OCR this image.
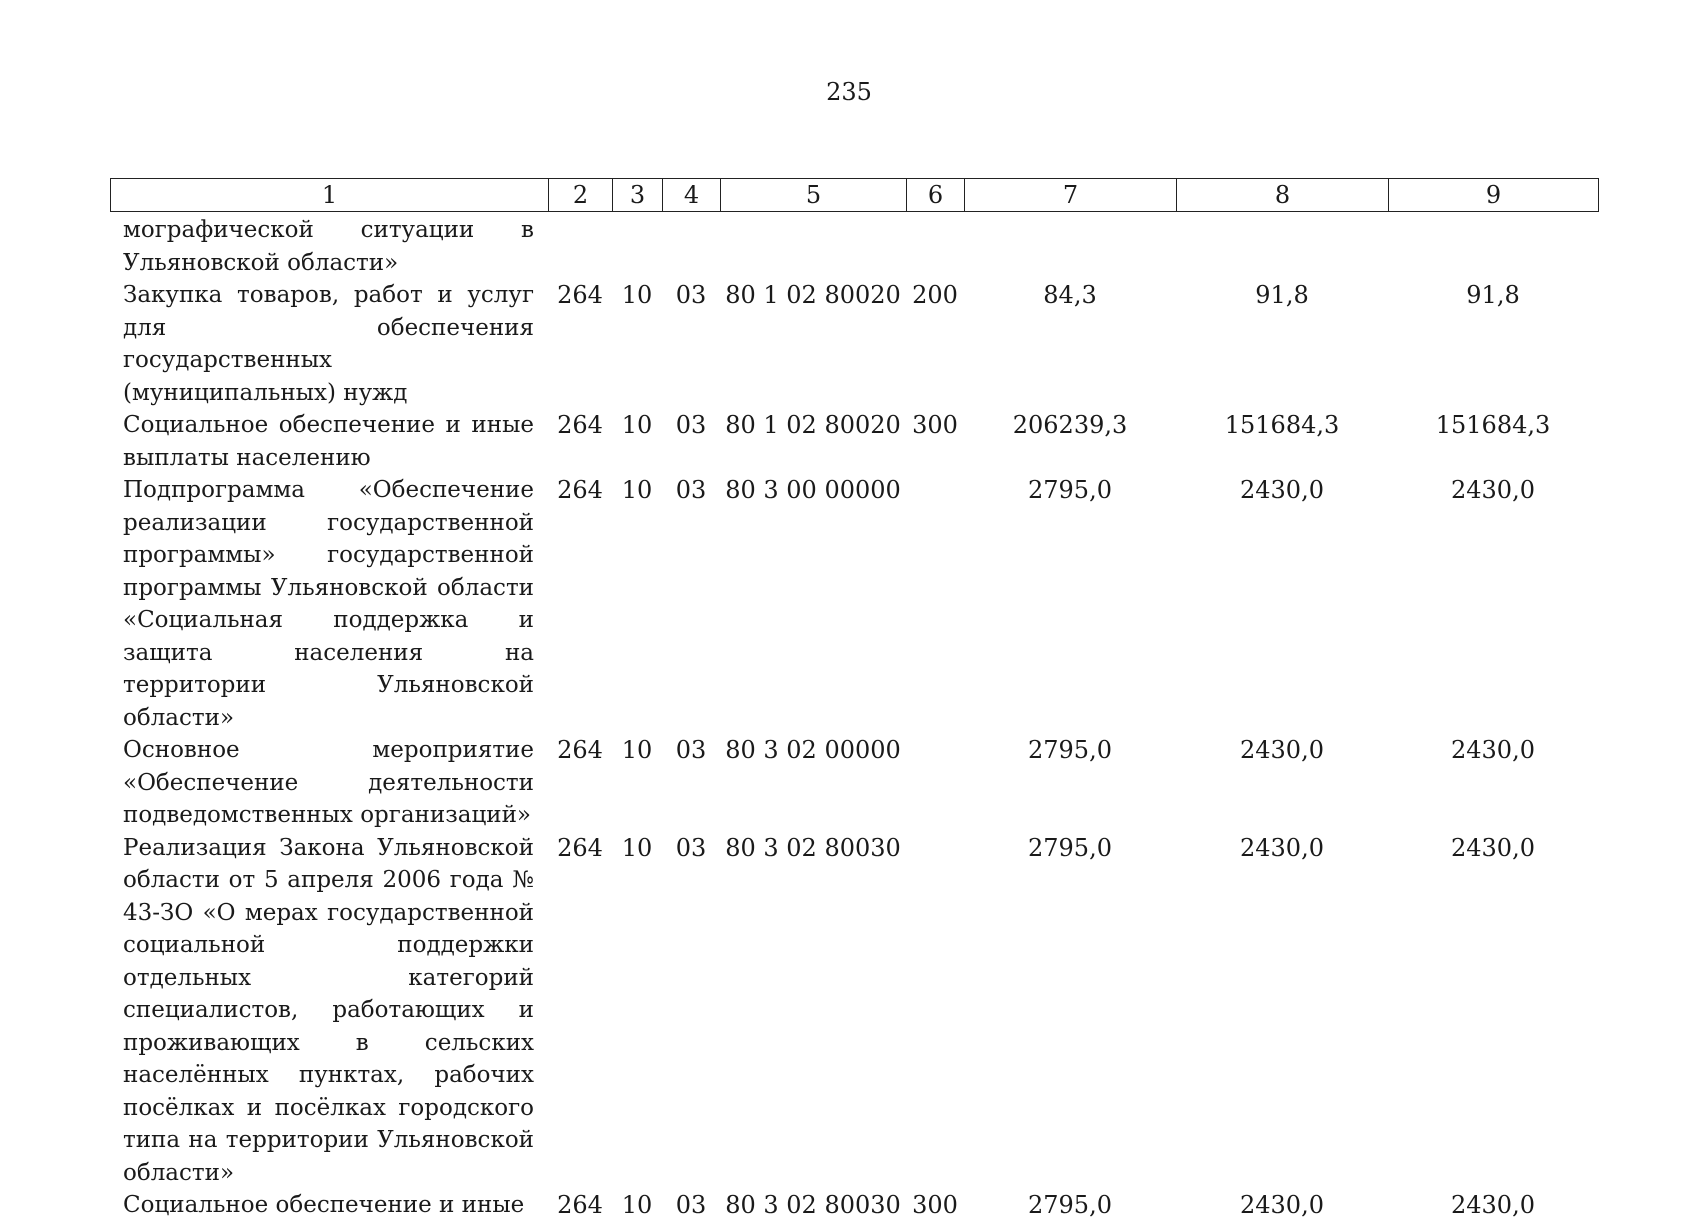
235
1	2	3	4	5	6	7	8	9
мографической ситуации в Ульяновской области»								
Закупка товаров, работ и услуг для обеспечения государственных (муниципальных) нужд	264	10	03	80 1 02 80020	200	84,3	91,8	91,8
Социальное обеспечение и иные выплаты населению	264	10	03	80 1 02 80020	300	206239,3	151684,3	151684,3
Подпрограмма «Обеспечение реализации государственной программы» государственной программы Ульяновской области «Социальная поддержка и защита населения на территории Ульяновской области»	264	10	03	80 3 00 00000		2795,0	2430,0	2430,0
Основное мероприятие «Обеспечение деятельности подведомственных организаций»	264	10	03	80 3 02 00000		2795,0	2430,0	2430,0
Реализация Закона Ульяновской области от 5 апреля 2006 года № 43-ЗО «О мерах государственной социальной поддержки отдельных категорий специалистов, работающих и проживающих в сельских населённых пунктах, рабочих посёлках и посёлках городского типа на территории Ульяновской области»	264	10	03	80 3 02 80030		2795,0	2430,0	2430,0
Социальное обеспечение и иные	264	10	03	80 3 02 80030	300	2795,0	2430,0	2430,0
